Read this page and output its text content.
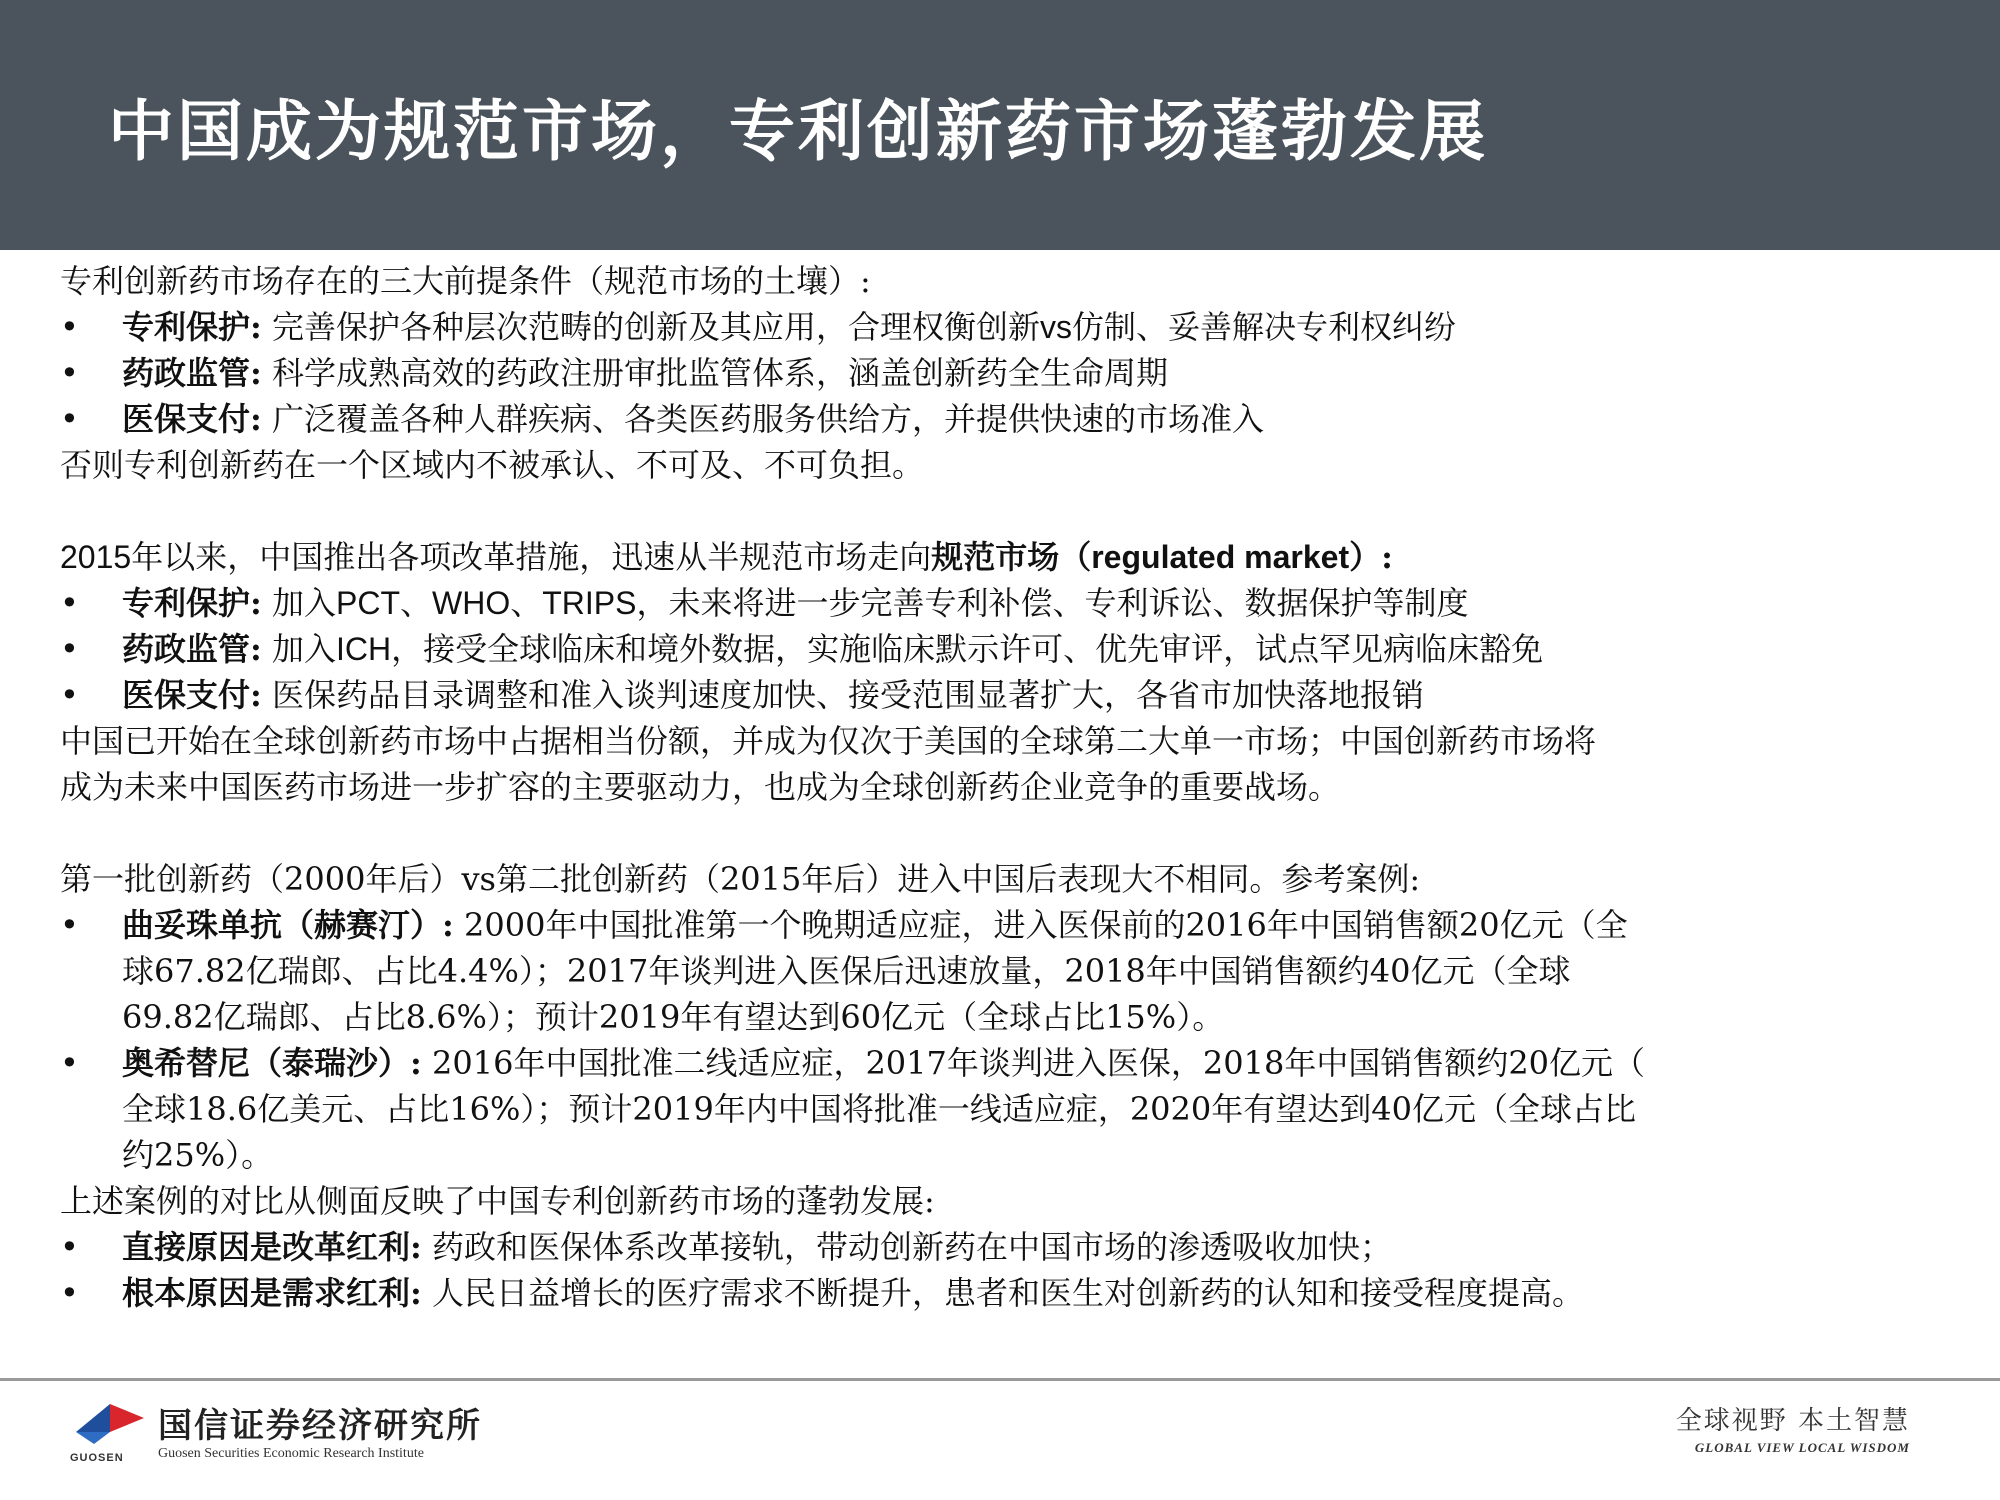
中国成为规范市场，专利创新药市场蓬勃发展
专利创新药市场存在的三大前提条件（规范市场的土壤）:
•	专利保护: 完善保护各种层次范畴的创新及其应用，合理权衡创新vs仿制、妥善解决专利权纠纷
•	药政监管: 科学成熟高效的药政注册审批监管体系，涵盖创新药全生命周期
•	医保支付: 广泛覆盖各种人群疾病、各类医药服务供给方，并提供快速的市场准入
否则专利创新药在一个区域内不被承认、不可及、不可负担。
2015年以来，中国推出各项改革措施，迅速从半规范市场走向规范市场（regulated market）:
•	专利保护: 加入PCT、WHO、TRIPS，未来将进一步完善专利补偿、专利诉讼、数据保护等制度
•	药政监管: 加入ICH，接受全球临床和境外数据，实施临床默示许可、优先审评，试点罕见病临床豁免
•	医保支付: 医保药品目录调整和准入谈判速度加快、接受范围显著扩大，各省市加快落地报销
中国已开始在全球创新药市场中占据相当份额，并成为仅次于美国的全球第二大单一市场；中国创新药市场将
成为未来中国医药市场进一步扩容的主要驱动力，也成为全球创新药企业竞争的重要战场。
第一批创新药（2000年后）vs第二批创新药（2015年后）进入中国后表现大不相同。参考案例:
•	曲妥珠单抗（赫赛汀）: 2000年中国批准第一个晚期适应症，进入医保前的2016年中国销售额20亿元（全
球67.82亿瑞郎、占比4.4%）；2017年谈判进入医保后迅速放量，2018年中国销售额约40亿元（全球
69.82亿瑞郎、占比8.6%）；预计2019年有望达到60亿元（全球占比15%）。
•	奥希替尼（泰瑞沙）: 2016年中国批准二线适应症，2017年谈判进入医保，2018年中国销售额约20亿元（
全球18.6亿美元、占比16%）；预计2019年内中国将批准一线适应症，2020年有望达到40亿元（全球占比
约25%）。
上述案例的对比从侧面反映了中国专利创新药市场的蓬勃发展:
•	直接原因是改革红利: 药政和医保体系改革接轨，带动创新药在中国市场的渗透吸收加快；
•	根本原因是需求红利: 人民日益增长的医疗需求不断提升，患者和医生对创新药的认知和接受程度提高。
GUOSEN
国信证券经济研究所
Guosen Securities Economic Research Institute
全球视野 本土智慧
GLOBAL VIEW LOCAL WISDOM
